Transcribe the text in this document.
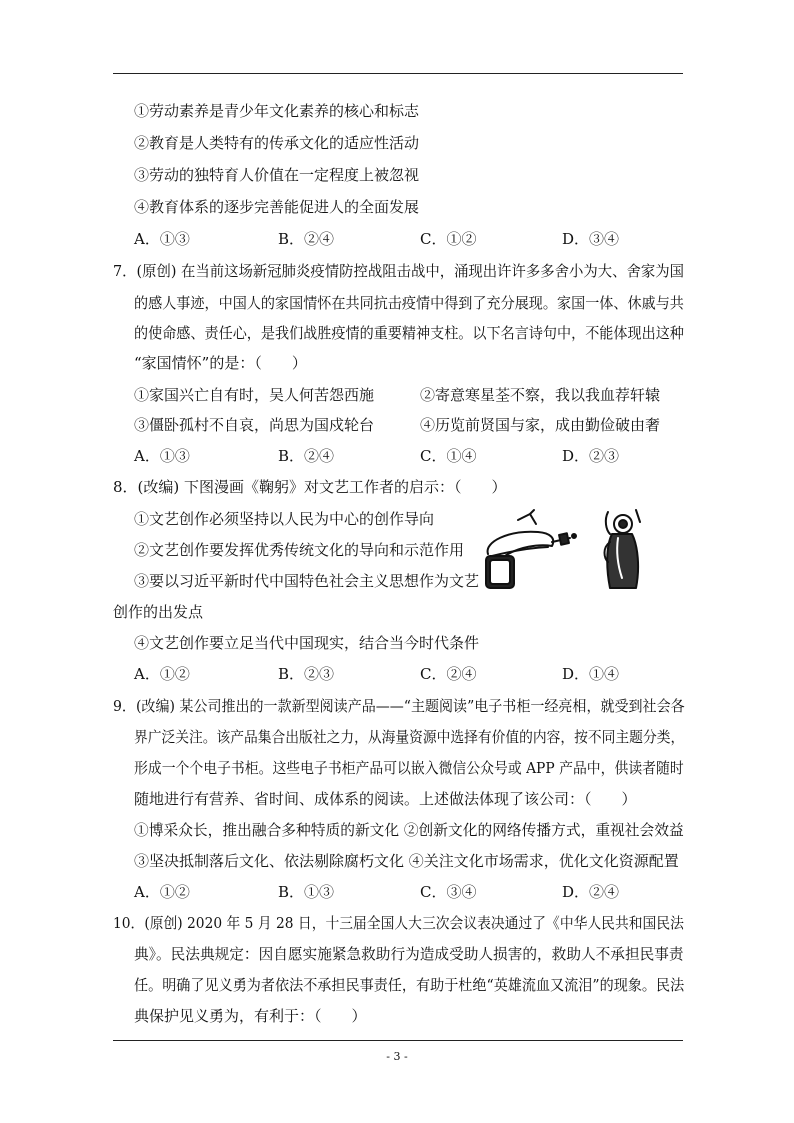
①劳动素养是青少年文化素养的核心和标志
②教育是人类特有的传承文化的适应性活动
③劳动的独特育人价值在一定程度上被忽视
④教育体系的逐步完善能促进人的全面发展
A．①③	B．②④	C．①②	D．③④
7．(原创) 在当前这场新冠肺炎疫情防控战阻击战中，涌现出许许多多舍小为大、舍家为国
的感人事迹，中国人的家国情怀在共同抗击疫情中得到了充分展现。家国一体、休戚与共
的使命感、责任心，是我们战胜疫情的重要精神支柱。以下名言诗句中，不能体现出这种
“家国情怀”的是：（　　）
①家国兴亡自有时，吴人何苦怨西施	②寄意寒星荃不察，我以我血荐轩辕
③僵卧孤村不自哀，尚思为国戍轮台	④历览前贤国与家，成由勤俭破由奢
A．①③	B．②④	C．①④	D．②③
8．(改编) 下图漫画《鞠躬》对文艺工作者的启示：（　　）
①文艺创作必须坚持以人民为中心的创作导向
②文艺创作要发挥优秀传统文化的导向和示范作用
③要以习近平新时代中国特色社会主义思想作为文艺
创作的出发点
④文艺创作要立足当代中国现实，结合当今时代条件
A．①②	B．②③	C．②④	D．①④
9．(改编) 某公司推出的一款新型阅读产品——“主题阅读”电子书柜一经亮相，就受到社会各
界广泛关注。该产品集合出版社之力，从海量资源中选择有价值的内容，按不同主题分类，
形成一个个电子书柜。这些电子书柜产品可以嵌入微信公众号或 APP 产品中，供读者随时
随地进行有营养、省时间、成体系的阅读。上述做法体现了该公司：（　　）
①博采众长，推出融合多种特质的新文化 ②创新文化的网络传播方式，重视社会效益
③坚决抵制落后文化、依法剔除腐朽文化 ④关注文化市场需求，优化文化资源配置
A．①②	B．①③	C．③④	D．②④
10．(原创) 2020 年 5 月 28 日，十三届全国人大三次会议表决通过了《中华人民共和国民法
典》。民法典规定：因自愿实施紧急救助行为造成受助人损害的，救助人不承担民事责
任。明确了见义勇为者依法不承担民事责任，有助于杜绝“英雄流血又流泪”的现象。民法
典保护见义勇为，有利于：（　　）
- 3 -
